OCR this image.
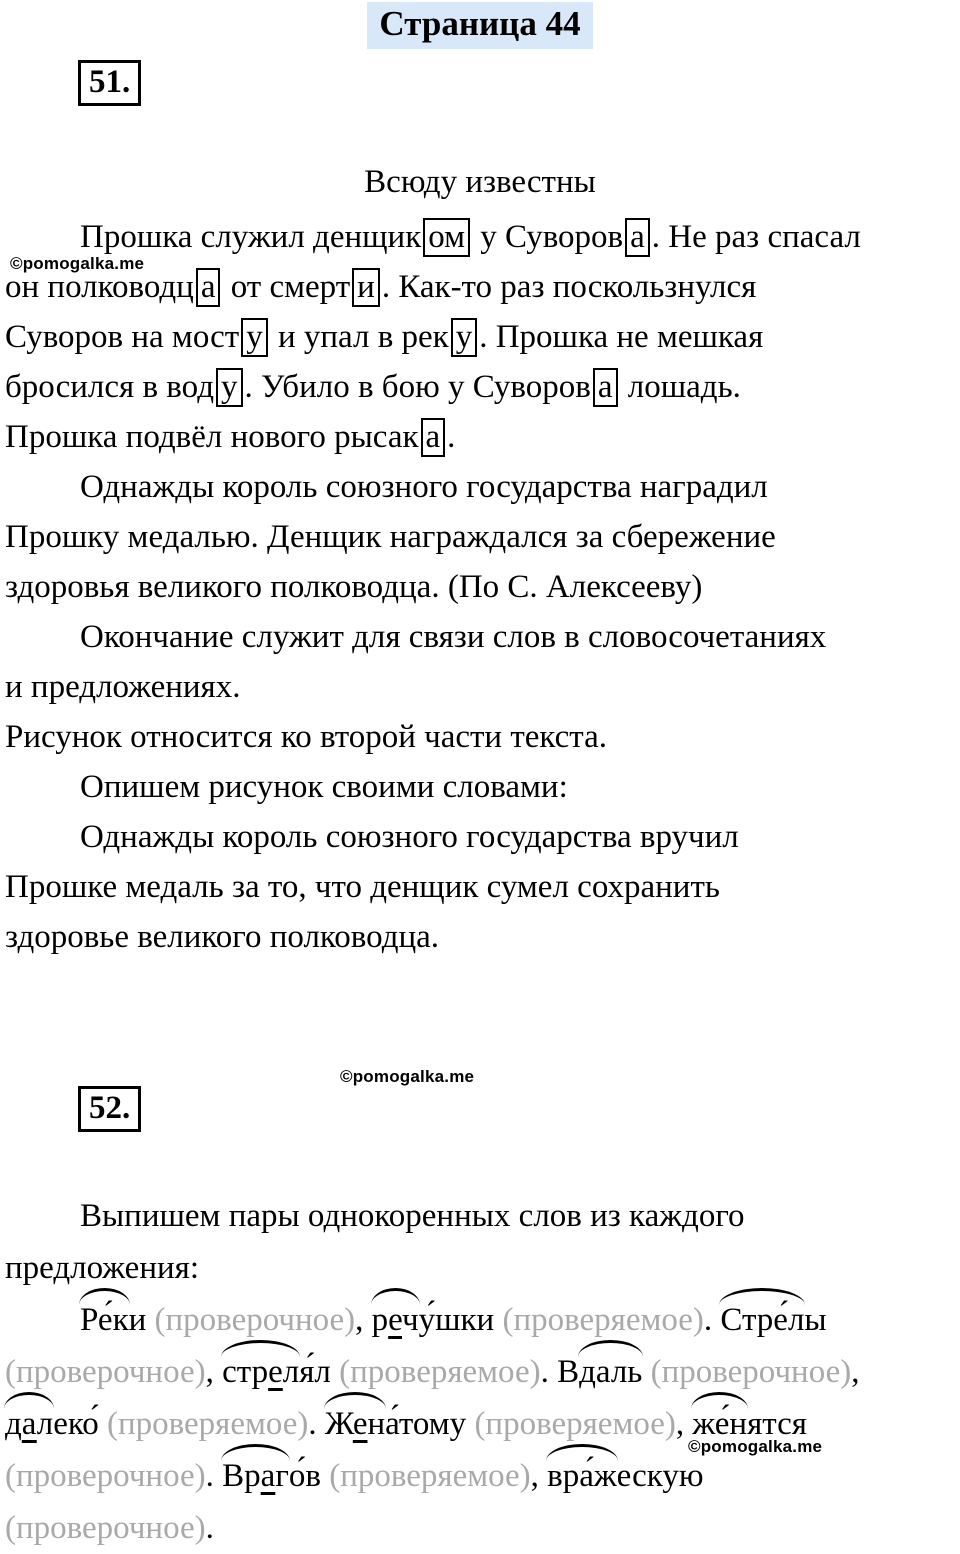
Страница 44
51.
©pomogalka.me
Всюду известны
Прошка служил денщик ом у Суворов а . Не раз спасал
он полководц а от смерт и . Как-то раз поскользнулся
Суворов на мост у и упал в рек у . Прошка не мешкая
бросился в вод у . Убило в бою у Суворов а лошадь.
Прошка подвёл нового рысак а .
Однажды король союзного государства наградил
Прошку медалью. Денщик награждался за сбережение
здоровья великого полководца. (По С. Алексееву)
Окончание служит для связи слов в словосочетаниях
и предложениях.
Рисунок относится ко второй части текста.
Опишем рисунок своими словами:
Однажды король союзного государства вручил
Прошке медаль за то, что денщик сумел сохранить
здоровье великого полководца.
©pomogalka.me
52.
Выпишем пары однокоренных слов из каждого
предложения:
Ре́ки (проверочное), речу́шки (проверяемое). Стре́лы
(проверочное), стреля́л (проверяемое). Вдаль (проверочное),
далеко́ (проверяемое). Жена́тому (проверяемое), же́нятся
(проверочное). Враго́в (проверяемое), вра́жескую
(проверочное).
©pomogalka.me
